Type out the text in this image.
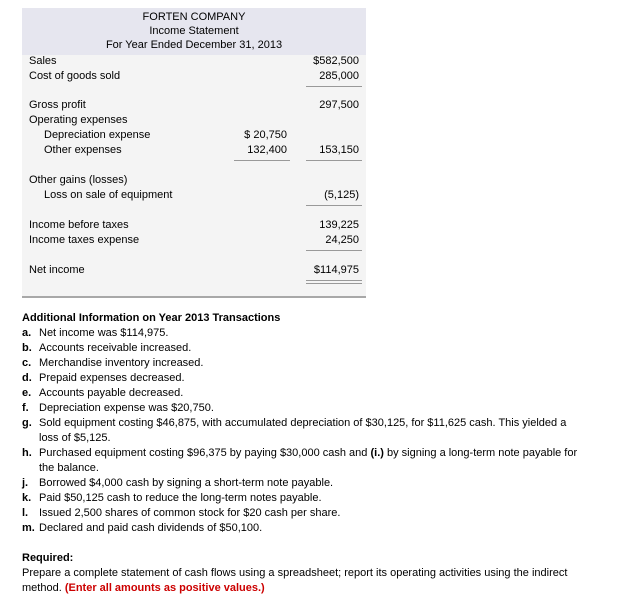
FORTEN COMPANY
Income Statement
For Year Ended December 31, 2013
Sales	$582,500
Cost of goods sold	285,000
Gross profit	297,500
Operating expenses
Depreciation expense	$ 20,750
Other expenses	132,400	153,150
Other gains (losses)
Loss on sale of equipment	(5,125)
Income before taxes	139,225
Income taxes expense	24,250
Net income	$114,975
Additional Information on Year 2013 Transactions
a. Net income was $114,975.
b. Accounts receivable increased.
c. Merchandise inventory increased.
d. Prepaid expenses decreased.
e. Accounts payable decreased.
f. Depreciation expense was $20,750.
g. Sold equipment costing $46,875, with accumulated depreciation of $30,125, for $11,625 cash. This yielded a loss of $5,125.
h. Purchased equipment costing $96,375 by paying $30,000 cash and (i.) by signing a long-term note payable for the balance.
j. Borrowed $4,000 cash by signing a short-term note payable.
k. Paid $50,125 cash to reduce the long-term notes payable.
l. Issued 2,500 shares of common stock for $20 cash per share.
m. Declared and paid cash dividends of $50,100.
Required:
Prepare a complete statement of cash flows using a spreadsheet; report its operating activities using the indirect method. (Enter all amounts as positive values.)
